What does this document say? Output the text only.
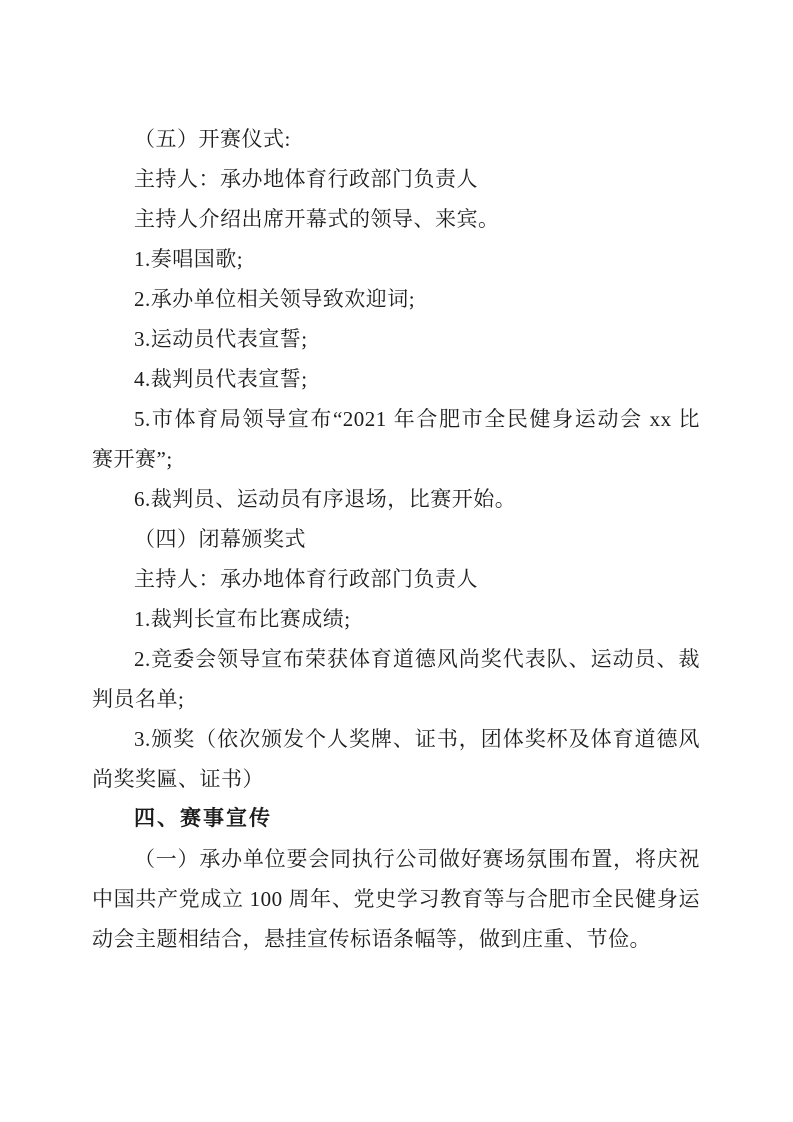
（五）开赛仪式:
主持人：承办地体育行政部门负责人
主持人介绍出席开幕式的领导、来宾。
1.奏唱国歌;
2.承办单位相关领导致欢迎词;
3.运动员代表宣誓;
4.裁判员代表宣誓;
5.市体育局领导宣布“2021 年合肥市全民健身运动会 xx 比
赛开赛”;
6.裁判员、运动员有序退场，比赛开始。
（四）闭幕颁奖式
主持人：承办地体育行政部门负责人
1.裁判长宣布比赛成绩;
2.竞委会领导宣布荣获体育道德风尚奖代表队、运动员、裁
判员名单;
3.颁奖（依次颁发个人奖牌、证书，团体奖杯及体育道德风
尚奖奖匾、证书）
四、赛事宣传
（一）承办单位要会同执行公司做好赛场氛围布置，将庆祝
中国共产党成立 100 周年、党史学习教育等与合肥市全民健身运
动会主题相结合，悬挂宣传标语条幅等，做到庄重、节俭。
